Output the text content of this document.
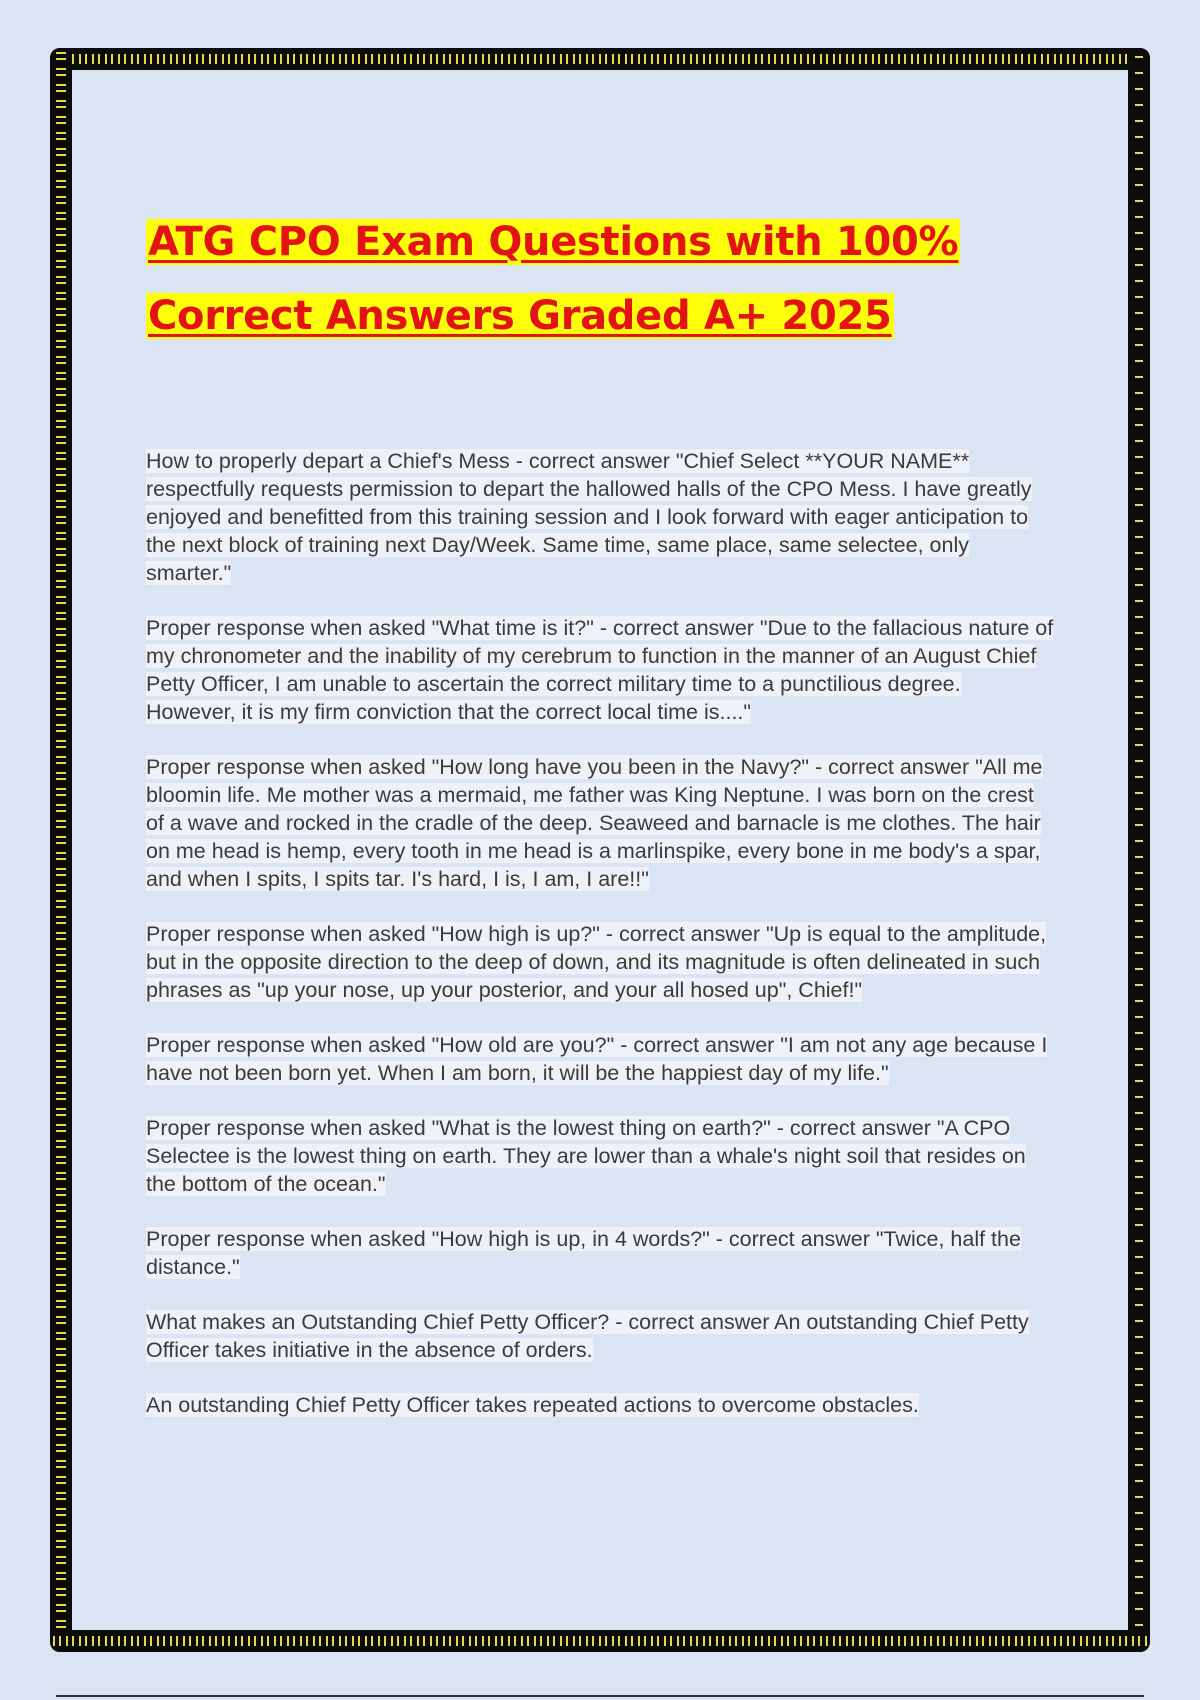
ATG CPO Exam Questions with 100%
Correct Answers Graded A+ 2025

How to properly depart a Chief's Mess - correct answer "Chief Select **YOUR NAME** respectfully requests permission to depart the hallowed halls of the CPO Mess. I have greatly enjoyed and benefitted from this training session and I look forward with eager anticipation to the next block of training next Day/Week. Same time, same place, same selectee, only smarter."

Proper response when asked "What time is it?" - correct answer "Due to the fallacious nature of my chronometer and the inability of my cerebrum to function in the manner of an August Chief Petty Officer, I am unable to ascertain the correct military time to a punctilious degree. However, it is my firm conviction that the correct local time is...."

Proper response when asked "How long have you been in the Navy?" - correct answer "All me bloomin life. Me mother was a mermaid, me father was King Neptune. I was born on the crest of a wave and rocked in the cradle of the deep. Seaweed and barnacle is me clothes. The hair on me head is hemp, every tooth in me head is a marlinspike, every bone in me body's a spar, and when I spits, I spits tar. I's hard, I is, I am, I are!!"

Proper response when asked "How high is up?" - correct answer "Up is equal to the amplitude, but in the opposite direction to the deep of down, and its magnitude is often delineated in such phrases as "up your nose, up your posterior, and your all hosed up", Chief!"

Proper response when asked "How old are you?" - correct answer "I am not any age because I have not been born yet. When I am born, it will be the happiest day of my life."

Proper response when asked "What is the lowest thing on earth?" - correct answer "A CPO Selectee is the lowest thing on earth. They are lower than a whale's night soil that resides on the bottom of the ocean."

Proper response when asked "How high is up, in 4 words?" - correct answer "Twice, half the distance."

What makes an Outstanding Chief Petty Officer? - correct answer An outstanding Chief Petty Officer takes initiative in the absence of orders.

An outstanding Chief Petty Officer takes repeated actions to overcome obstacles.
